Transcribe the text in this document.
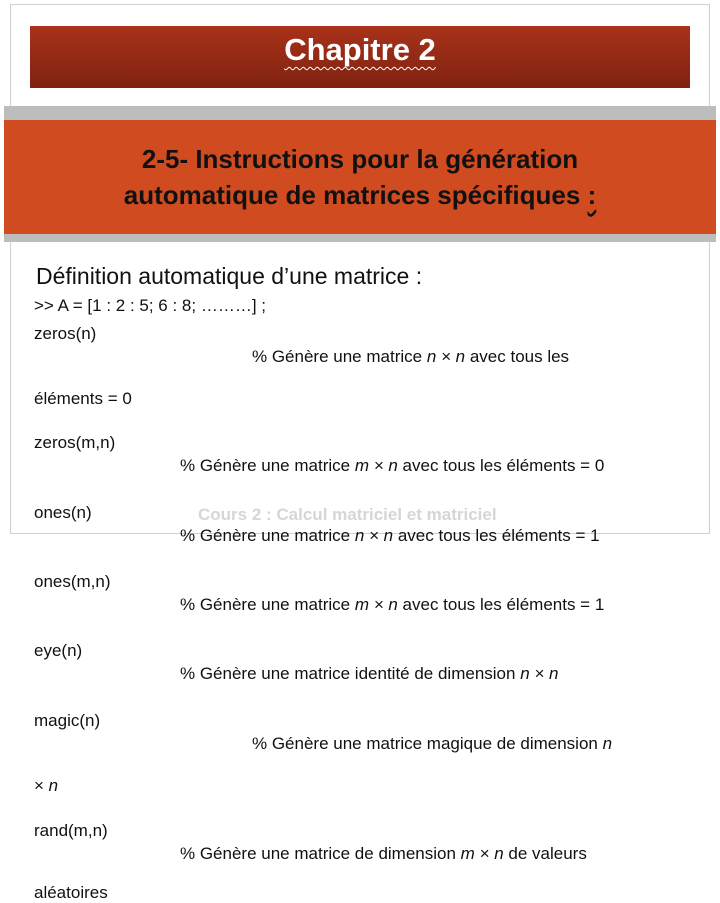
Chapitre 2
2-5- Instructions pour la génération
automatique de matrices spécifiques :

Définition automatique d’une matrice :

>> A = [1 : 2 : 5; 6 : 8; ………] ;
Cours 2 : Calcul matriciel et matriciel
zeros(n)
% Génère une matrice n × n avec tous les
éléments = 0
zeros(m,n)
% Génère une matrice m × n avec tous les éléments = 0
ones(n)
% Génère une matrice n × n avec tous les éléments = 1
ones(m,n)
% Génère une matrice m × n avec tous les éléments = 1
eye(n)
% Génère une matrice identité de dimension n × n
magic(n)
% Génère une matrice magique de dimension n
× n
rand(m,n)
% Génère une matrice de dimension m × n de valeurs
aléatoires
